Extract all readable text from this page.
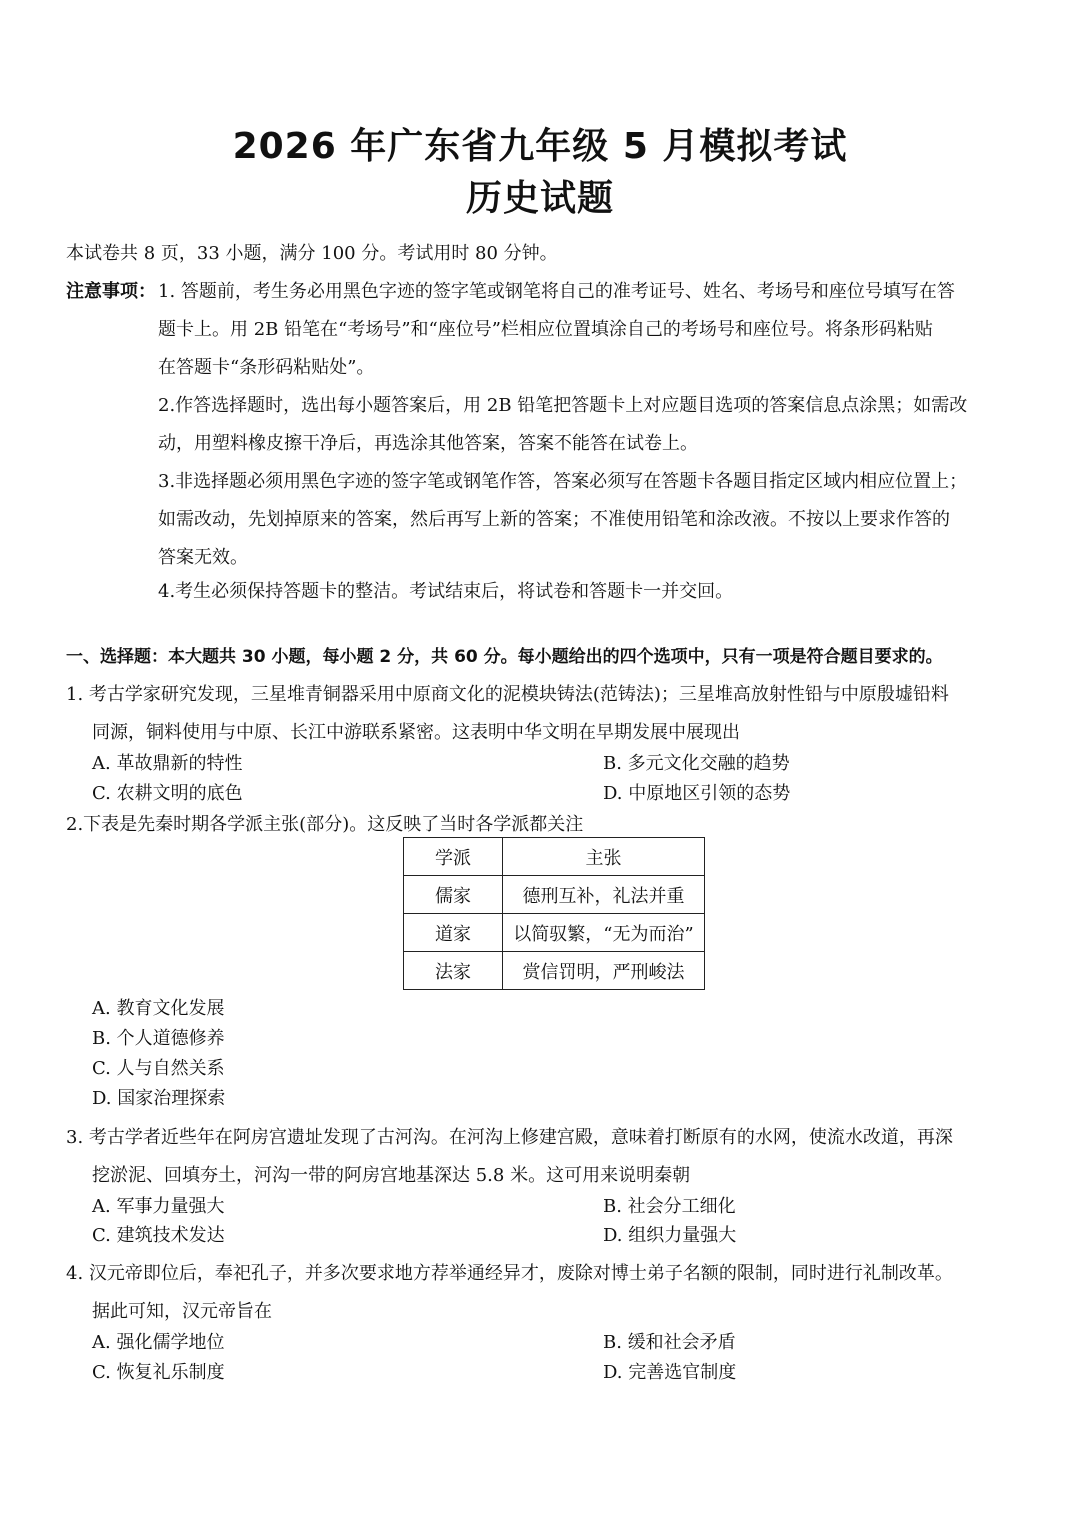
2026 年广东省九年级 5 月模拟考试
历史试题
本试卷共 8 页，33 小题，满分 100 分。考试用时 80 分钟。
注意事项： 1. 答题前，考生务必用黑色字迹的签字笔或钢笔将自己的准考证号、姓名、考场号和座位号填写在答
题卡上。用 2B 铅笔在“考场号”和“座位号”栏相应位置填涂自己的考场号和座位号。将条形码粘贴
在答题卡“条形码粘贴处”。
2.作答选择题时，选出每小题答案后，用 2B 铅笔把答题卡上对应题目选项的答案信息点涂黑；如需改
动，用塑料橡皮擦干净后，再选涂其他答案，答案不能答在试卷上。
3.非选择题必须用黑色字迹的签字笔或钢笔作答，答案必须写在答题卡各题目指定区域内相应位置上；
如需改动，先划掉原来的答案，然后再写上新的答案；不准使用铅笔和涂改液。不按以上要求作答的
答案无效。
4.考生必须保持答题卡的整洁。考试结束后，将试卷和答题卡一并交回。
一、选择题：本大题共 30 小题，每小题 2 分，共 60 分。每小题给出的四个选项中，只有一项是符合题目要求的。
1. 考古学家研究发现，三星堆青铜器采用中原商文化的泥模块铸法(范铸法)；三星堆高放射性铅与中原殷墟铅料
同源，铜料使用与中原、长江中游联系紧密。这表明中华文明在早期发展中展现出
A. 革故鼎新的特性	B. 多元文化交融的趋势
C. 农耕文明的底色	D. 中原地区引领的态势
2.下表是先秦时期各学派主张(部分)。这反映了当时各学派都关注
学派	主张
儒家	德刑互补，礼法并重
道家	以简驭繁，“无为而治”
法家	赏信罚明，严刑峻法
A. 教育文化发展
B. 个人道德修养
C. 人与自然关系
D. 国家治理探索
3. 考古学者近些年在阿房宫遗址发现了古河沟。在河沟上修建宫殿，意味着打断原有的水网，使流水改道，再深
挖淤泥、回填夯土，河沟一带的阿房宫地基深达 5.8 米。这可用来说明秦朝
A. 军事力量强大	B. 社会分工细化
C. 建筑技术发达	D. 组织力量强大
4. 汉元帝即位后，奉祀孔子，并多次要求地方荐举通经异才，废除对博士弟子名额的限制，同时进行礼制改革。
据此可知，汉元帝旨在
A. 强化儒学地位	B. 缓和社会矛盾
C. 恢复礼乐制度	D. 完善选官制度
